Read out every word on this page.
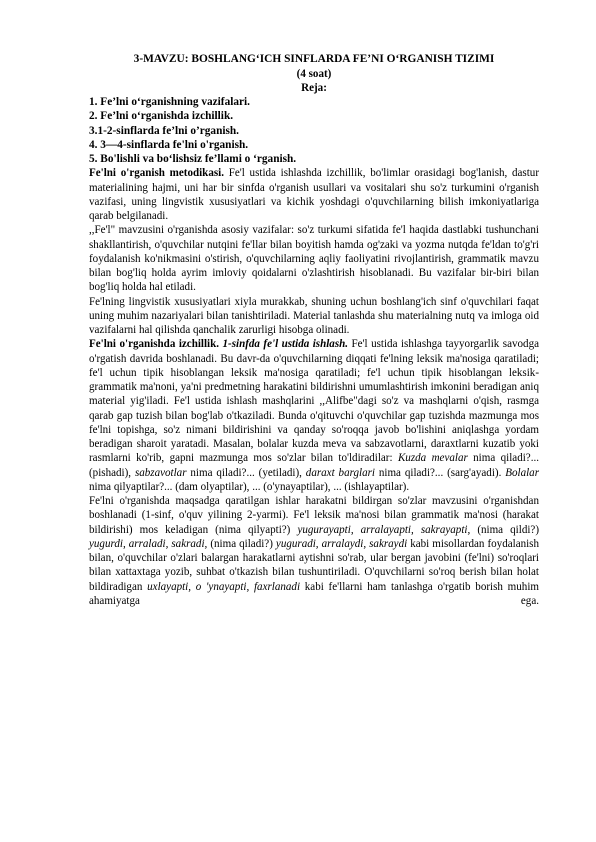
3-MAVZU: BOSHLANG‘ICH SINFLARDA FE’NI O‘RGANISH TIZIMI
(4 soat)
Reja:
1. Fe’lni o‘rganishning vazifalari.
2. Fe’lni o‘rganishda izchillik.
3.1-2-sinflarda fe’lni o’rganish.
4. 3—4-sinflarda fe'lni o'rganish.
5. Bo'lishli va bo‘lishsiz fe’llami o ‘rganish.

Fe'lni o'rganish metodikasi. Fe'l ustida ishlashda izchillik, bo'limlar orasidagi bog'lanish, dastur materialining hajmi, uni har bir sinfda o'rganish usullari va vositalari shu so'z turkumini o'rganish vazifasi, uning lingvistik xususiyatlari va kichik yoshdagi o'quvchilarning bilish imkoniyatlariga qarab belgilanadi.

,,Fe'l" mavzusini o'rganishda asosiy vazifalar: so'z turkumi sifatida fe'l haqida dastlabki tushunchani shakllantirish, o'quvchilar nutqini fe'llar bilan boyitish hamda og'zaki va yozma nutqda fe'ldan to'g'ri foydalanish ko'nikmasini o'stirish, o'quvchilarning aqliy faoliyatini rivojlantirish, grammatik mavzu bilan bog'liq holda ayrim imloviy qoidalarni o'zlashtirish hisoblanadi. Bu vazifalar bir-biri bilan bog'liq holda hal etiladi.

Fe'lning lingvistik xususiyatlari xiyla murakkab, shuning uchun boshlang'ich sinf o'quvchilari faqat uning muhim nazariyalari bilan tanishtiriladi. Material tanlashda shu materialning nutq va imloga oid vazifalarni hal qilishda qanchalik zarurligi hisobga olinadi.

Fe'lni o'rganishda izchillik. 1-sinfda fe'l ustida ishlash. Fe'l ustida ishlashga tayyorgarlik savodga o'rgatish davrida boshlanadi. Bu davr-da o'quvchilarning diqqati fe'lning leksik ma'nosiga qaratiladi; fe'l uchun tipik hisoblangan leksik ma'nosiga qaratiladi; fe'l uchun tipik hisoblangan leksik-grammatik ma'noni, ya'ni predmetning harakatini bildirishni umumlashtirish imkonini beradigan aniq material yig'iladi. Fe'l ustida ishlash mashqlarini ,,Alifbe"dagi so'z va mashqlarni o'qish, rasmga qarab gap tuzish bilan bog'lab o'tkaziladi. Bunda o'qituvchi o'quvchilar gap tuzishda mazmunga mos fe'lni topishga, so'z nimani bildirishini va qanday so'roqqa javob bo'lishini aniqlashga yordam beradigan sharoit yaratadi. Masalan, bolalar kuzda meva va sabzavotlarni, daraxtlarni kuzatib yoki rasmlarni ko'rib, gapni mazmunga mos so'zlar bilan to'ldiradilar: Kuzda mevalar nima qiladi?... (pishadi), sabzavotlar nima qiladi?... (yetiladi), daraxt barglari nima qiladi?... (sarg'ayadi). Bolalar nima qilyaptilar?... (dam olyaptilar), ... (o'ynayaptilar), ... (ishlayaptilar).

Fe'lni o'rganishda maqsadga qaratilgan ishlar harakatni bildirgan so'zlar mavzusini o'rganishdan boshlanadi (1-sinf, o'quv yilining 2-yarmi). Fe'l leksik ma'nosi bilan grammatik ma'nosi (harakat bildirishi) mos keladigan (nima qilyapti?) yugurayapti, arralayapti, sakrayapti, (nima qildi?) yugurdi, arraladi, sakradi, (nima qiladi?) yuguradi, arralaydi, sakraydi kabi misollardan foydalanish bilan, o'quvchilar o'zlari balargan harakatlarni aytishni so'rab, ular bergan javobini (fe'lni) so'roqlari bilan xattaxtaga yozib, suhbat o'tkazish bilan tushuntiriladi. O'quvchilarni so'roq berish bilan holat bildiradigan uxlayapti, o 'ynayapti, faxrlanadi kabi fe'llarni ham tanlashga o'rgatib borish muhim ahamiyatga ega.
